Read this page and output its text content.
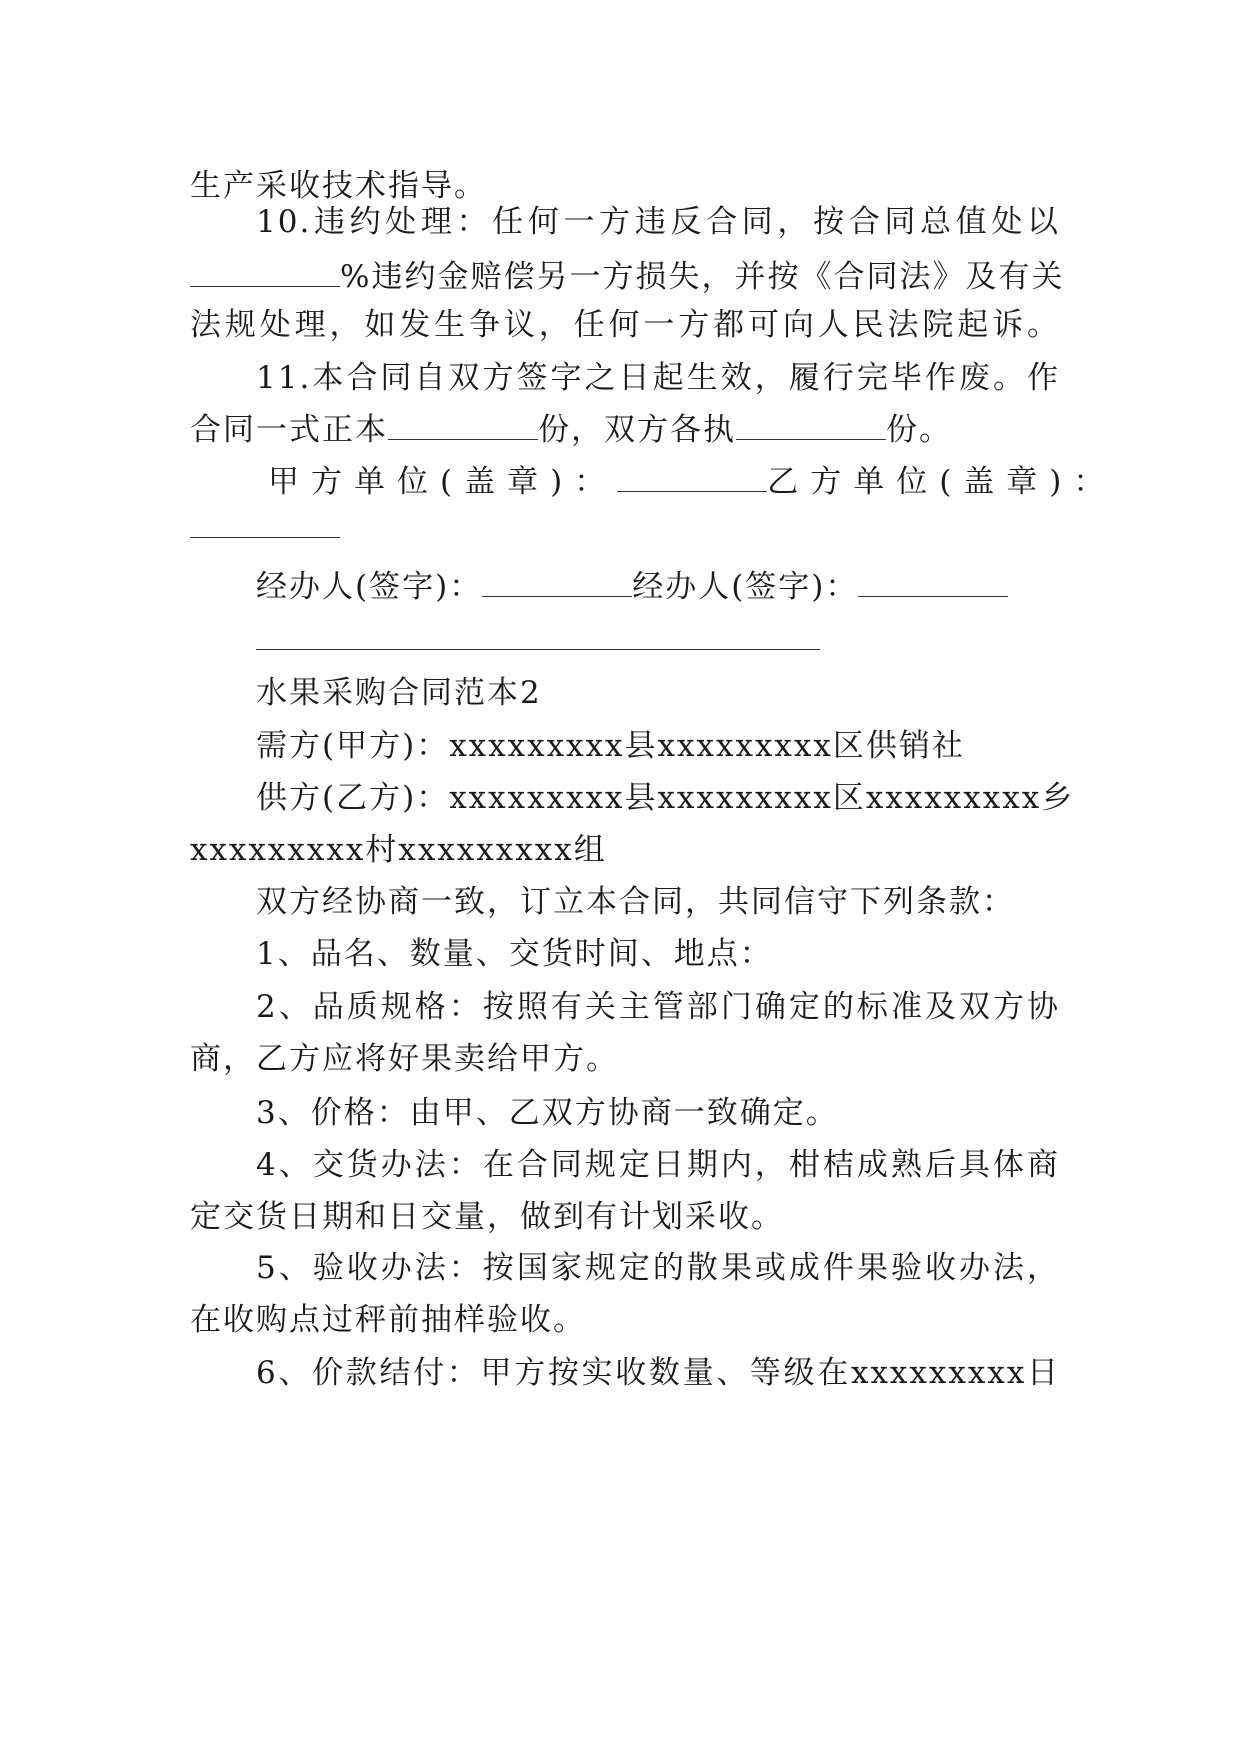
生产采收技术指导。
10.违约处理：任何一方违反合同，按合同总值处以
%违约金赔偿另一方损失，并按《合同法》及有关
法规处理，如发生争议，任何一方都可向人民法院起诉。
11.本合同自双方签字之日起生效，履行完毕作废。作
合同一式正本	份，双方各执	份。
甲方单位(盖章)：	乙方单位(盖章)：
经办人(签字)：	经办人(签字)：
水果采购合同范本2
需方(甲方)：xxxxxxxxx县xxxxxxxxx区供销社
供方(乙方)：xxxxxxxxx县xxxxxxxxx区xxxxxxxxx乡
xxxxxxxxx村xxxxxxxxx组
双方经协商一致，订立本合同，共同信守下列条款：
1、品名、数量、交货时间、地点：
2、品质规格：按照有关主管部门确定的标准及双方协
商，乙方应将好果卖给甲方。
3、价格：由甲、乙双方协商一致确定。
4、交货办法：在合同规定日期内，柑桔成熟后具体商
定交货日期和日交量，做到有计划采收。
5、验收办法：按国家规定的散果或成件果验收办法，
在收购点过秤前抽样验收。
6、价款结付：甲方按实收数量、等级在xxxxxxxxx日
